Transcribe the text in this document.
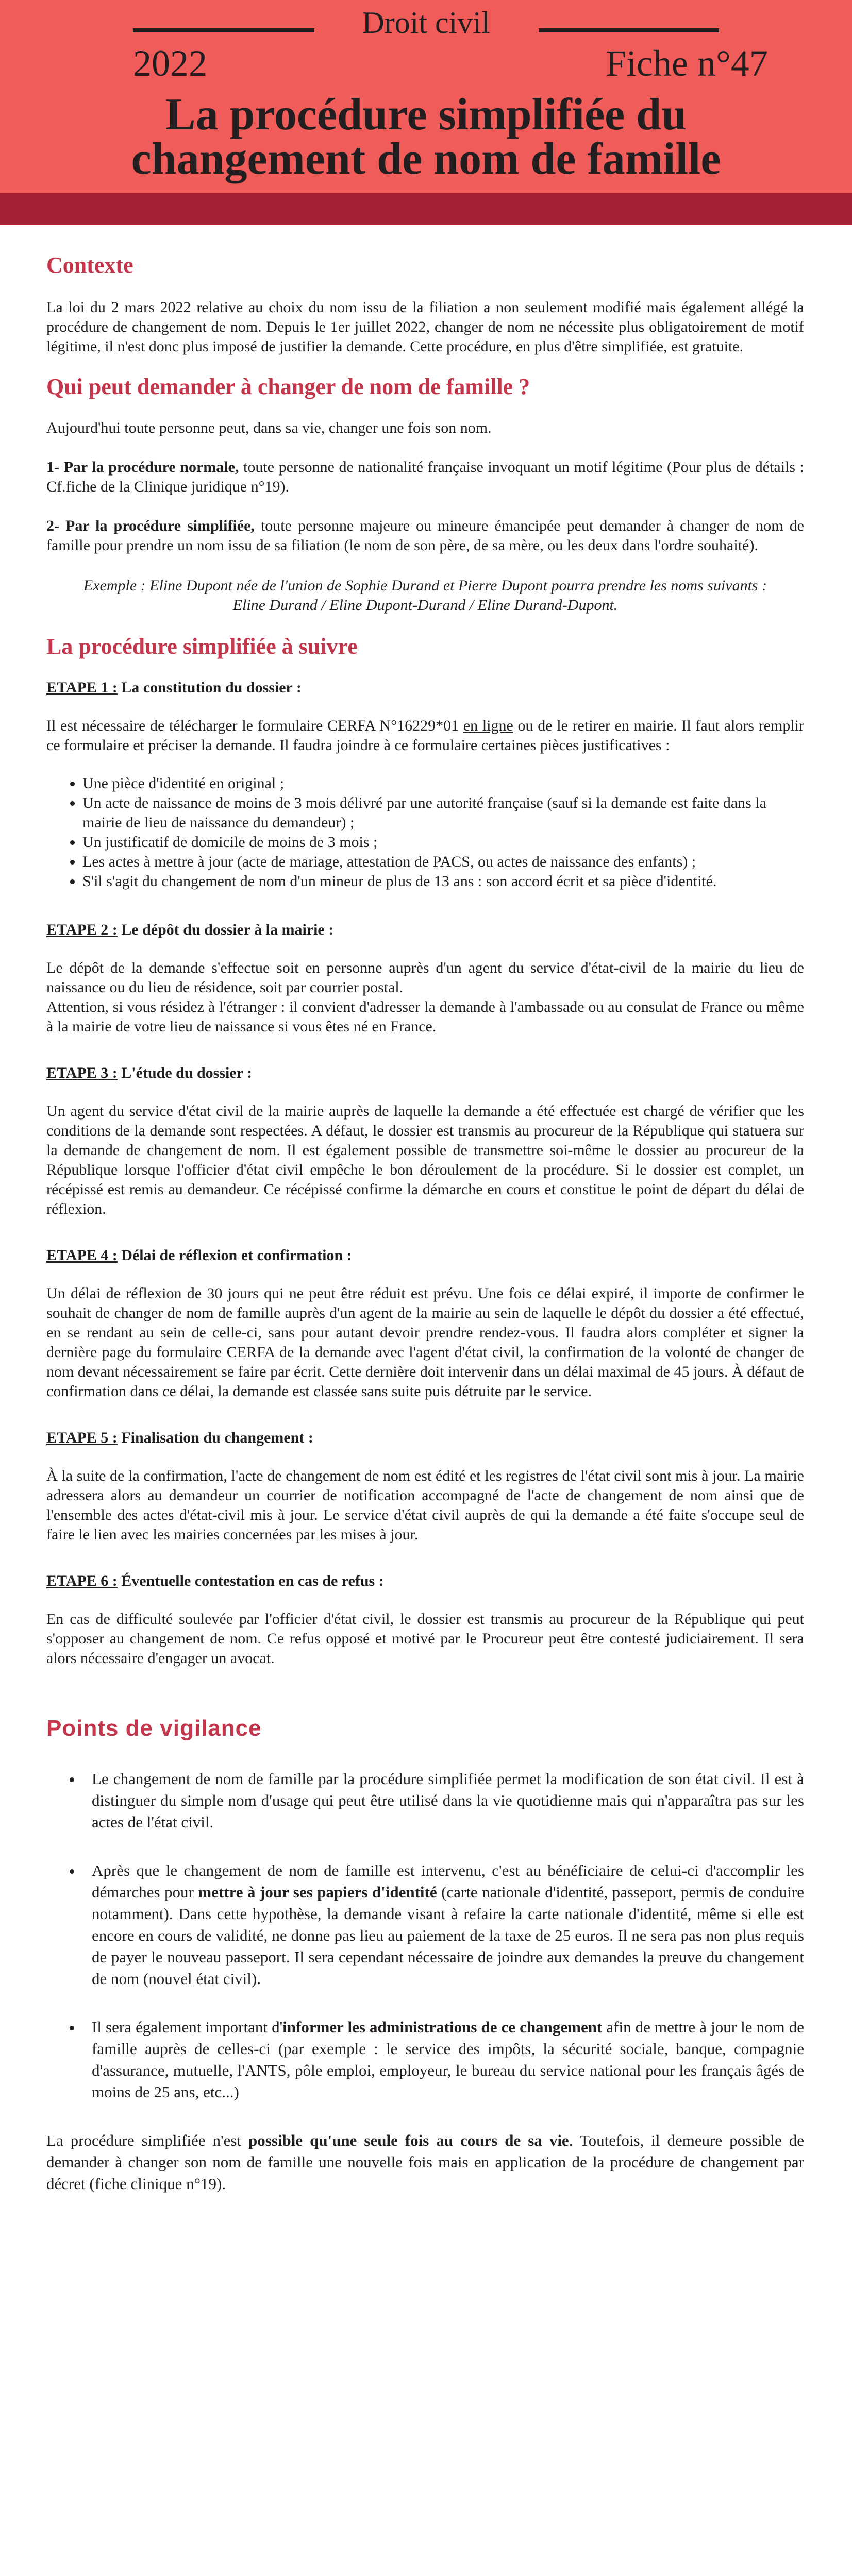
Droit civil
2022	Fiche n°47
La procédure simplifiée du
changement de nom de famille
Contexte

La loi du 2 mars 2022 relative au choix du nom issu de la filiation a non seulement modifié mais également allégé la procédure de changement de nom. Depuis le 1er juillet 2022, changer de nom ne nécessite plus obligatoirement de motif légitime, il n'est donc plus imposé de justifier la demande. Cette procédure, en plus d'être simplifiée, est gratuite.

Qui peut demander à changer de nom de famille ?

Aujourd'hui toute personne peut, dans sa vie, changer une fois son nom.

1- Par la procédure normale, toute personne de nationalité française invoquant un motif légitime (Pour plus de détails : Cf.fiche de la Clinique juridique n°19).

2- Par la procédure simplifiée, toute personne majeure ou mineure émancipée peut demander à changer de nom de famille pour prendre un nom issu de sa filiation (le nom de son père, de sa mère, ou les deux dans l'ordre souhaité).

Exemple : Eline Dupont née de l'union de Sophie Durand et Pierre Dupont pourra prendre les noms suivants : Eline Durand / Eline Dupont-Durand / Eline Durand-Dupont.

La procédure simplifiée à suivre

ETAPE 1 : La constitution du dossier :

Il est nécessaire de télécharger le formulaire CERFA N°16229*01 en ligne ou de le retirer en mairie. Il faut alors remplir ce formulaire et préciser la demande. Il faudra joindre à ce formulaire certaines pièces justificatives :

• Une pièce d'identité en original ;
• Un acte de naissance de moins de 3 mois délivré par une autorité française (sauf si la demande est faite dans la mairie de lieu de naissance du demandeur) ;
• Un justificatif de domicile de moins de 3 mois ;
• Les actes à mettre à jour (acte de mariage, attestation de PACS, ou actes de naissance des enfants) ;
• S'il s'agit du changement de nom d'un mineur de plus de 13 ans : son accord écrit et sa pièce d'identité.

ETAPE 2 : Le dépôt du dossier à la mairie :

Le dépôt de la demande s'effectue soit en personne auprès d'un agent du service d'état-civil de la mairie du lieu de naissance ou du lieu de résidence, soit par courrier postal.

Attention, si vous résidez à l'étranger : il convient d'adresser la demande à l'ambassade ou au consulat de France ou même à la mairie de votre lieu de naissance si vous êtes né en France.

ETAPE 3 : L'étude du dossier :

Un agent du service d'état civil de la mairie auprès de laquelle la demande a été effectuée est chargé de vérifier que les conditions de la demande sont respectées. A défaut, le dossier est transmis au procureur de la République qui statuera sur la demande de changement de nom. Il est également possible de transmettre soi-même le dossier au procureur de la République lorsque l'officier d'état civil empêche le bon déroulement de la procédure. Si le dossier est complet, un récépissé est remis au demandeur. Ce récépissé confirme la démarche en cours et constitue le point de départ du délai de réflexion.

ETAPE 4 : Délai de réflexion et confirmation :

Un délai de réflexion de 30 jours qui ne peut être réduit est prévu. Une fois ce délai expiré, il importe de confirmer le souhait de changer de nom de famille auprès d'un agent de la mairie au sein de laquelle le dépôt du dossier a été effectué, en se rendant au sein de celle-ci, sans pour autant devoir prendre rendez-vous. Il faudra alors compléter et signer la dernière page du formulaire CERFA de la demande avec l'agent d'état civil, la confirmation de la volonté de changer de nom devant nécessairement se faire par écrit. Cette dernière doit intervenir dans un délai maximal de 45 jours. À défaut de confirmation dans ce délai, la demande est classée sans suite puis détruite par le service.

ETAPE 5 : Finalisation du changement :

À la suite de la confirmation, l'acte de changement de nom est édité et les registres de l'état civil sont mis à jour. La mairie adressera alors au demandeur un courrier de notification accompagné de l'acte de changement de nom ainsi que de l'ensemble des actes d'état-civil mis à jour. Le service d'état civil auprès de qui la demande a été faite s'occupe seul de faire le lien avec les mairies concernées par les mises à jour.

ETAPE 6 : Éventuelle contestation en cas de refus :

En cas de difficulté soulevée par l'officier d'état civil, le dossier est transmis au procureur de la République qui peut s'opposer au changement de nom. Ce refus opposé et motivé par le Procureur peut être contesté judiciairement. Il sera alors nécessaire d'engager un avocat.

Points de vigilance
• Le changement de nom de famille par la procédure simplifiée permet la modification de son état civil. Il est à distinguer du simple nom d'usage qui peut être utilisé dans la vie quotidienne mais qui n'apparaîtra pas sur les actes de l'état civil.
• Après que le changement de nom de famille est intervenu, c'est au bénéficiaire de celui-ci d'accomplir les démarches pour mettre à jour ses papiers d'identité (carte nationale d'identité, passeport, permis de conduire notamment). Dans cette hypothèse, la demande visant à refaire la carte nationale d'identité, même si elle est encore en cours de validité, ne donne pas lieu au paiement de la taxe de 25 euros. Il ne sera pas non plus requis de payer le nouveau passeport. Il sera cependant nécessaire de joindre aux demandes la preuve du changement de nom (nouvel état civil).
• Il sera également important d'informer les administrations de ce changement afin de mettre à jour le nom de famille auprès de celles-ci (par exemple : le service des impôts, la sécurité sociale, banque, compagnie d'assurance, mutuelle, l'ANTS, pôle emploi, employeur, le bureau du service national pour les français âgés de moins de 25 ans, etc...)

La procédure simplifiée n'est possible qu'une seule fois au cours de sa vie. Toutefois, il demeure possible de demander à changer son nom de famille une nouvelle fois mais en application de la procédure de changement par décret (fiche clinique n°19).
